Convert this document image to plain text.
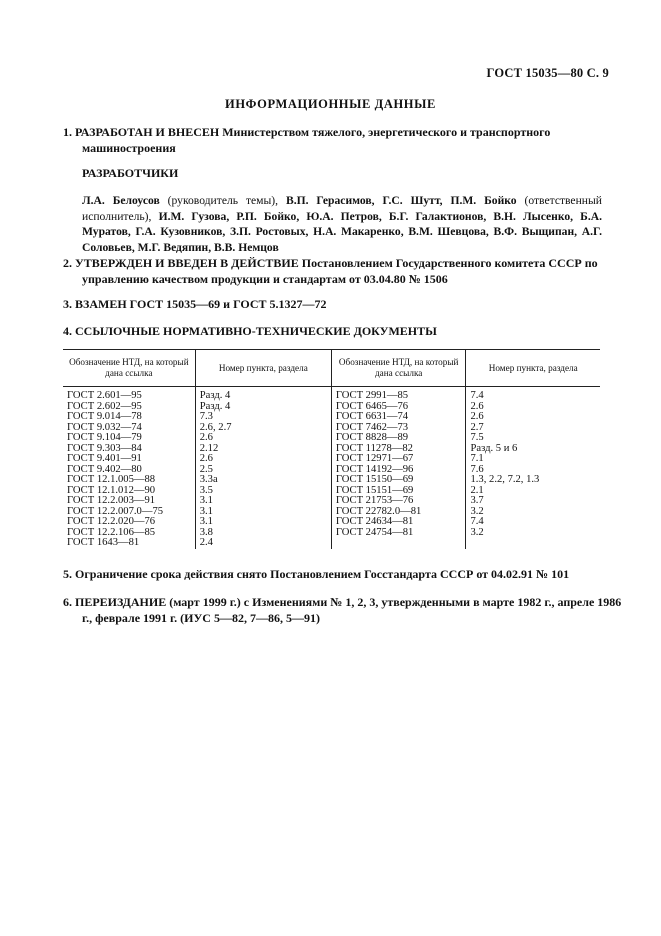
ГОСТ 15035—80 С. 9
ИНФОРМАЦИОННЫЕ ДАННЫЕ
1. РАЗРАБОТАН И ВНЕСЕН Министерством тяжелого, энергетического и транспортного машиностроения
РАЗРАБОТЧИКИ
Л.А. Белоусов (руководитель темы), В.П. Герасимов, Г.С. Шутт, П.М. Бойко (ответственный исполнитель), И.М. Гузова, Р.П. Бойко, Ю.А. Петров, Б.Г. Галактионов, В.Н. Лысенко, Б.А. Муратов, Г.А. Кузовников, З.П. Ростовых, Н.А. Макаренко, В.М. Шевцова, В.Ф. Выщипан, А.Г. Соловьев, М.Г. Ведяпин, В.В. Немцов
2. УТВЕРЖДЕН И ВВЕДЕН В ДЕЙСТВИЕ Постановлением Государственного комитета СССР по управлению качеством продукции и стандартам от 03.04.80 № 1506
3. ВЗАМЕН ГОСТ 15035—69 и ГОСТ 5.1327—72
4. ССЫЛОЧНЫЕ НОРМАТИВНО-ТЕХНИЧЕСКИЕ ДОКУМЕНТЫ
Обозначение НТД, на который дана ссылка	Номер пункта, раздела	Обозначение НТД, на который дана ссылка	Номер пункта, раздела
ГОСТ 2.601—95	Разд. 4	ГОСТ 2991—85	7.4
ГОСТ 2.602—95	Разд. 4	ГОСТ 6465—76	2.6
ГОСТ 9.014—78	7.3	ГОСТ 6631—74	2.6
ГОСТ 9.032—74	2.6, 2.7	ГОСТ 7462—73	2.7
ГОСТ 9.104—79	2.6	ГОСТ 8828—89	7.5
ГОСТ 9.303—84	2.12	ГОСТ 11278—82	Разд. 5 и 6
ГОСТ 9.401—91	2.6	ГОСТ 12971—67	7.1
ГОСТ 9.402—80	2.5	ГОСТ 14192—96	7.6
ГОСТ 12.1.005—88	3.3а	ГОСТ 15150—69	1.3, 2.2, 7.2, 1.3
ГОСТ 12.1.012—90	3.5	ГОСТ 15151—69	2.1
ГОСТ 12.2.003—91	3.1	ГОСТ 21753—76	3.7
ГОСТ 12.2.007.0—75	3.1	ГОСТ 22782.0—81	3.2
ГОСТ 12.2.020—76	3.1	ГОСТ 24634—81	7.4
ГОСТ 12.2.106—85	3.8	ГОСТ 24754—81	3.2
ГОСТ 1643—81	2.4		
5. Ограничение срока действия снято Постановлением Госстандарта СССР от 04.02.91 № 101
6. ПЕРЕИЗДАНИЕ (март 1999 г.) с Изменениями № 1, 2, 3, утвержденными в марте 1982 г., апреле 1986 г., феврале 1991 г. (ИУС 5—82, 7—86, 5—91)
